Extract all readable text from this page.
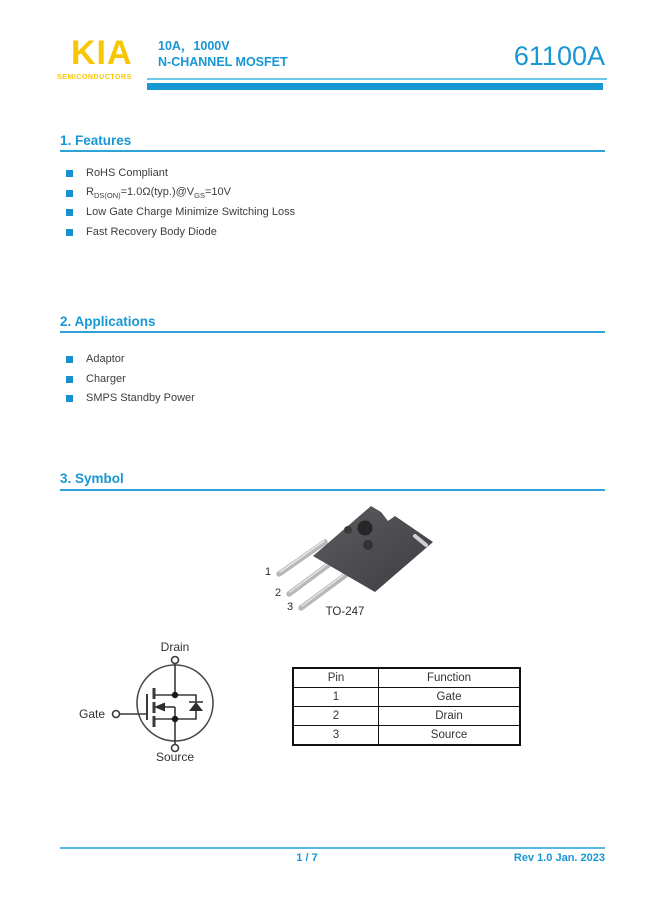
KIA
SEMICONDUCTORS
10A，1000V
N-CHANNEL MOSFET	61100A
1. Features
RoHS Compliant
$R_{DS(ON)}=1.0\Omega(typ.)@V_{GS}=10V$
Low Gate Charge Minimize Switching Loss
Fast Recovery Body Diode
2. Applications
Adaptor
Charger
SMPS Standby Power
3. Symbol
1
2
3	TO-247
Drain
Gate
Source
Pin	Function
1	Gate
2	Drain
3	Source
1 / 7	Rev 1.0 Jan. 2023
